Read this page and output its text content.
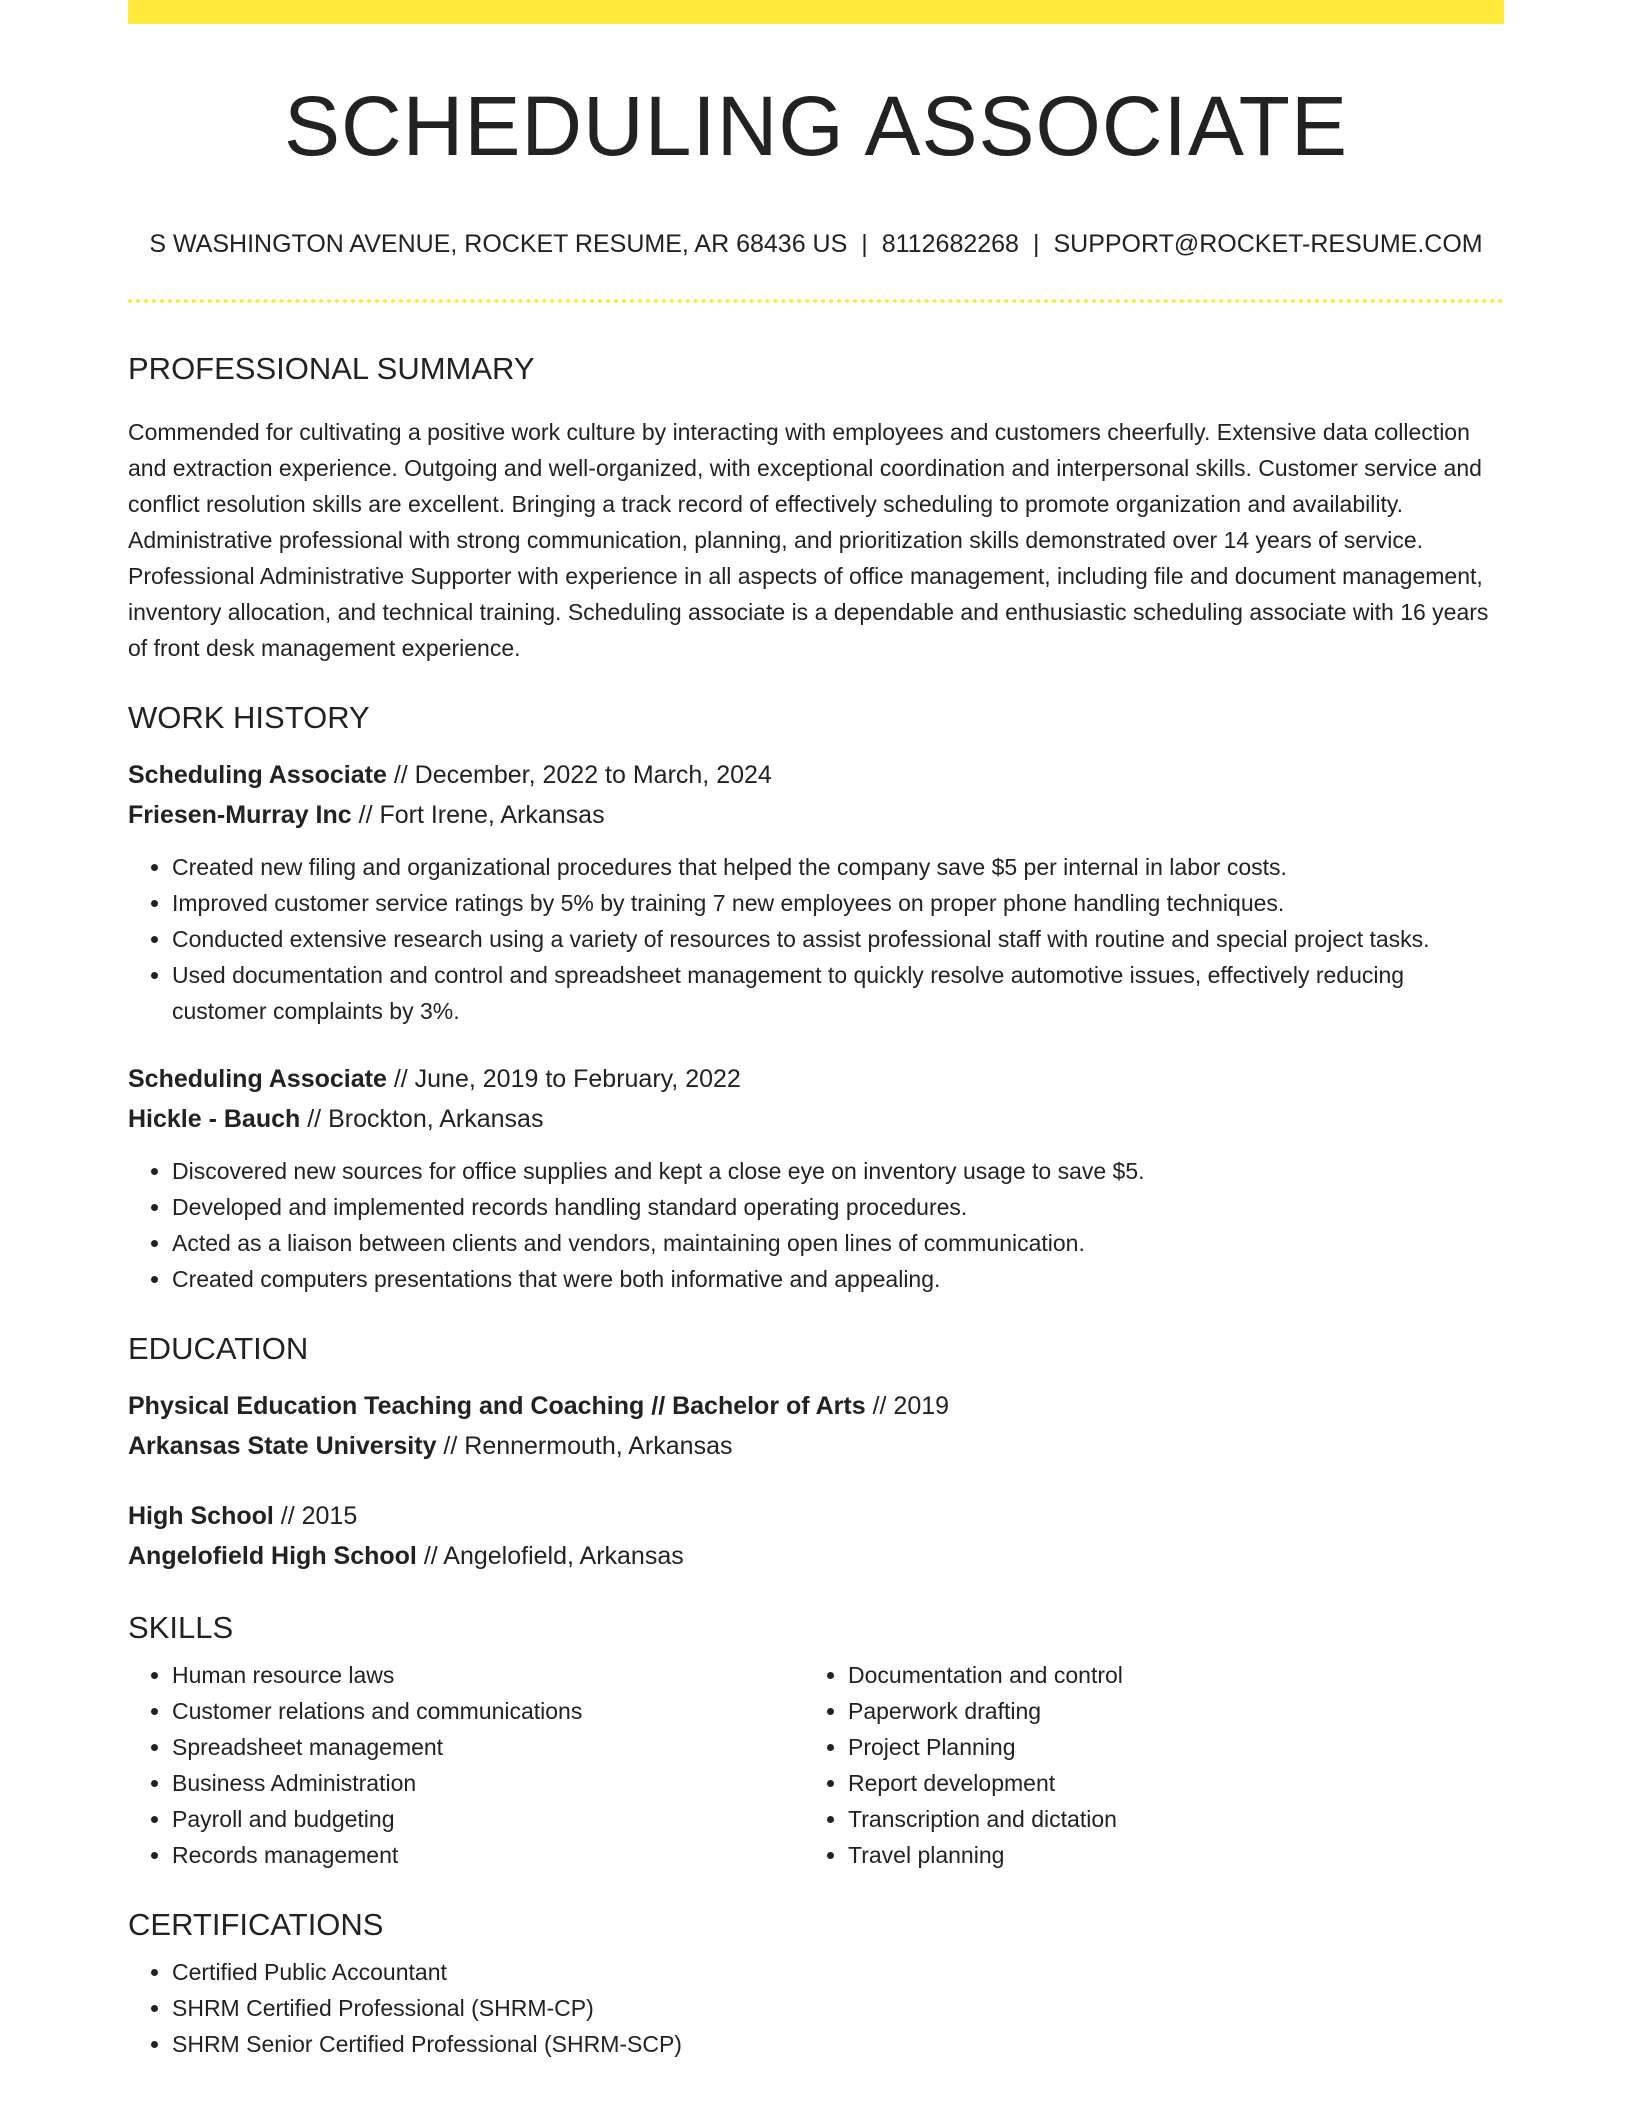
SCHEDULING ASSOCIATE
S WASHINGTON AVENUE, ROCKET RESUME, AR 68436 US | 8112682268 | SUPPORT@ROCKET-RESUME.COM
PROFESSIONAL SUMMARY
Commended for cultivating a positive work culture by interacting with employees and customers cheerfully. Extensive data collection and extraction experience. Outgoing and well-organized, with exceptional coordination and interpersonal skills. Customer service and conflict resolution skills are excellent. Bringing a track record of effectively scheduling to promote organization and availability. Administrative professional with strong communication, planning, and prioritization skills demonstrated over 14 years of service. Professional Administrative Supporter with experience in all aspects of office management, including file and document management, inventory allocation, and technical training. Scheduling associate is a dependable and enthusiastic scheduling associate with 16 years of front desk management experience.
WORK HISTORY
Scheduling Associate // December, 2022 to March, 2024
Friesen-Murray Inc // Fort Irene, Arkansas
• Created new filing and organizational procedures that helped the company save $5 per internal in labor costs.
• Improved customer service ratings by 5% by training 7 new employees on proper phone handling techniques.
• Conducted extensive research using a variety of resources to assist professional staff with routine and special project tasks.
• Used documentation and control and spreadsheet management to quickly resolve automotive issues, effectively reducing customer complaints by 3%.
Scheduling Associate // June, 2019 to February, 2022
Hickle - Bauch // Brockton, Arkansas
• Discovered new sources for office supplies and kept a close eye on inventory usage to save $5.
• Developed and implemented records handling standard operating procedures.
• Acted as a liaison between clients and vendors, maintaining open lines of communication.
• Created computers presentations that were both informative and appealing.
EDUCATION
Physical Education Teaching and Coaching // Bachelor of Arts // 2019
Arkansas State University // Rennermouth, Arkansas
High School // 2015
Angelofield High School // Angelofield, Arkansas
SKILLS
• Human resource laws
• Customer relations and communications
• Spreadsheet management
• Business Administration
• Payroll and budgeting
• Records management
• Documentation and control
• Paperwork drafting
• Project Planning
• Report development
• Transcription and dictation
• Travel planning
CERTIFICATIONS
• Certified Public Accountant
• SHRM Certified Professional (SHRM-CP)
• SHRM Senior Certified Professional (SHRM-SCP)
